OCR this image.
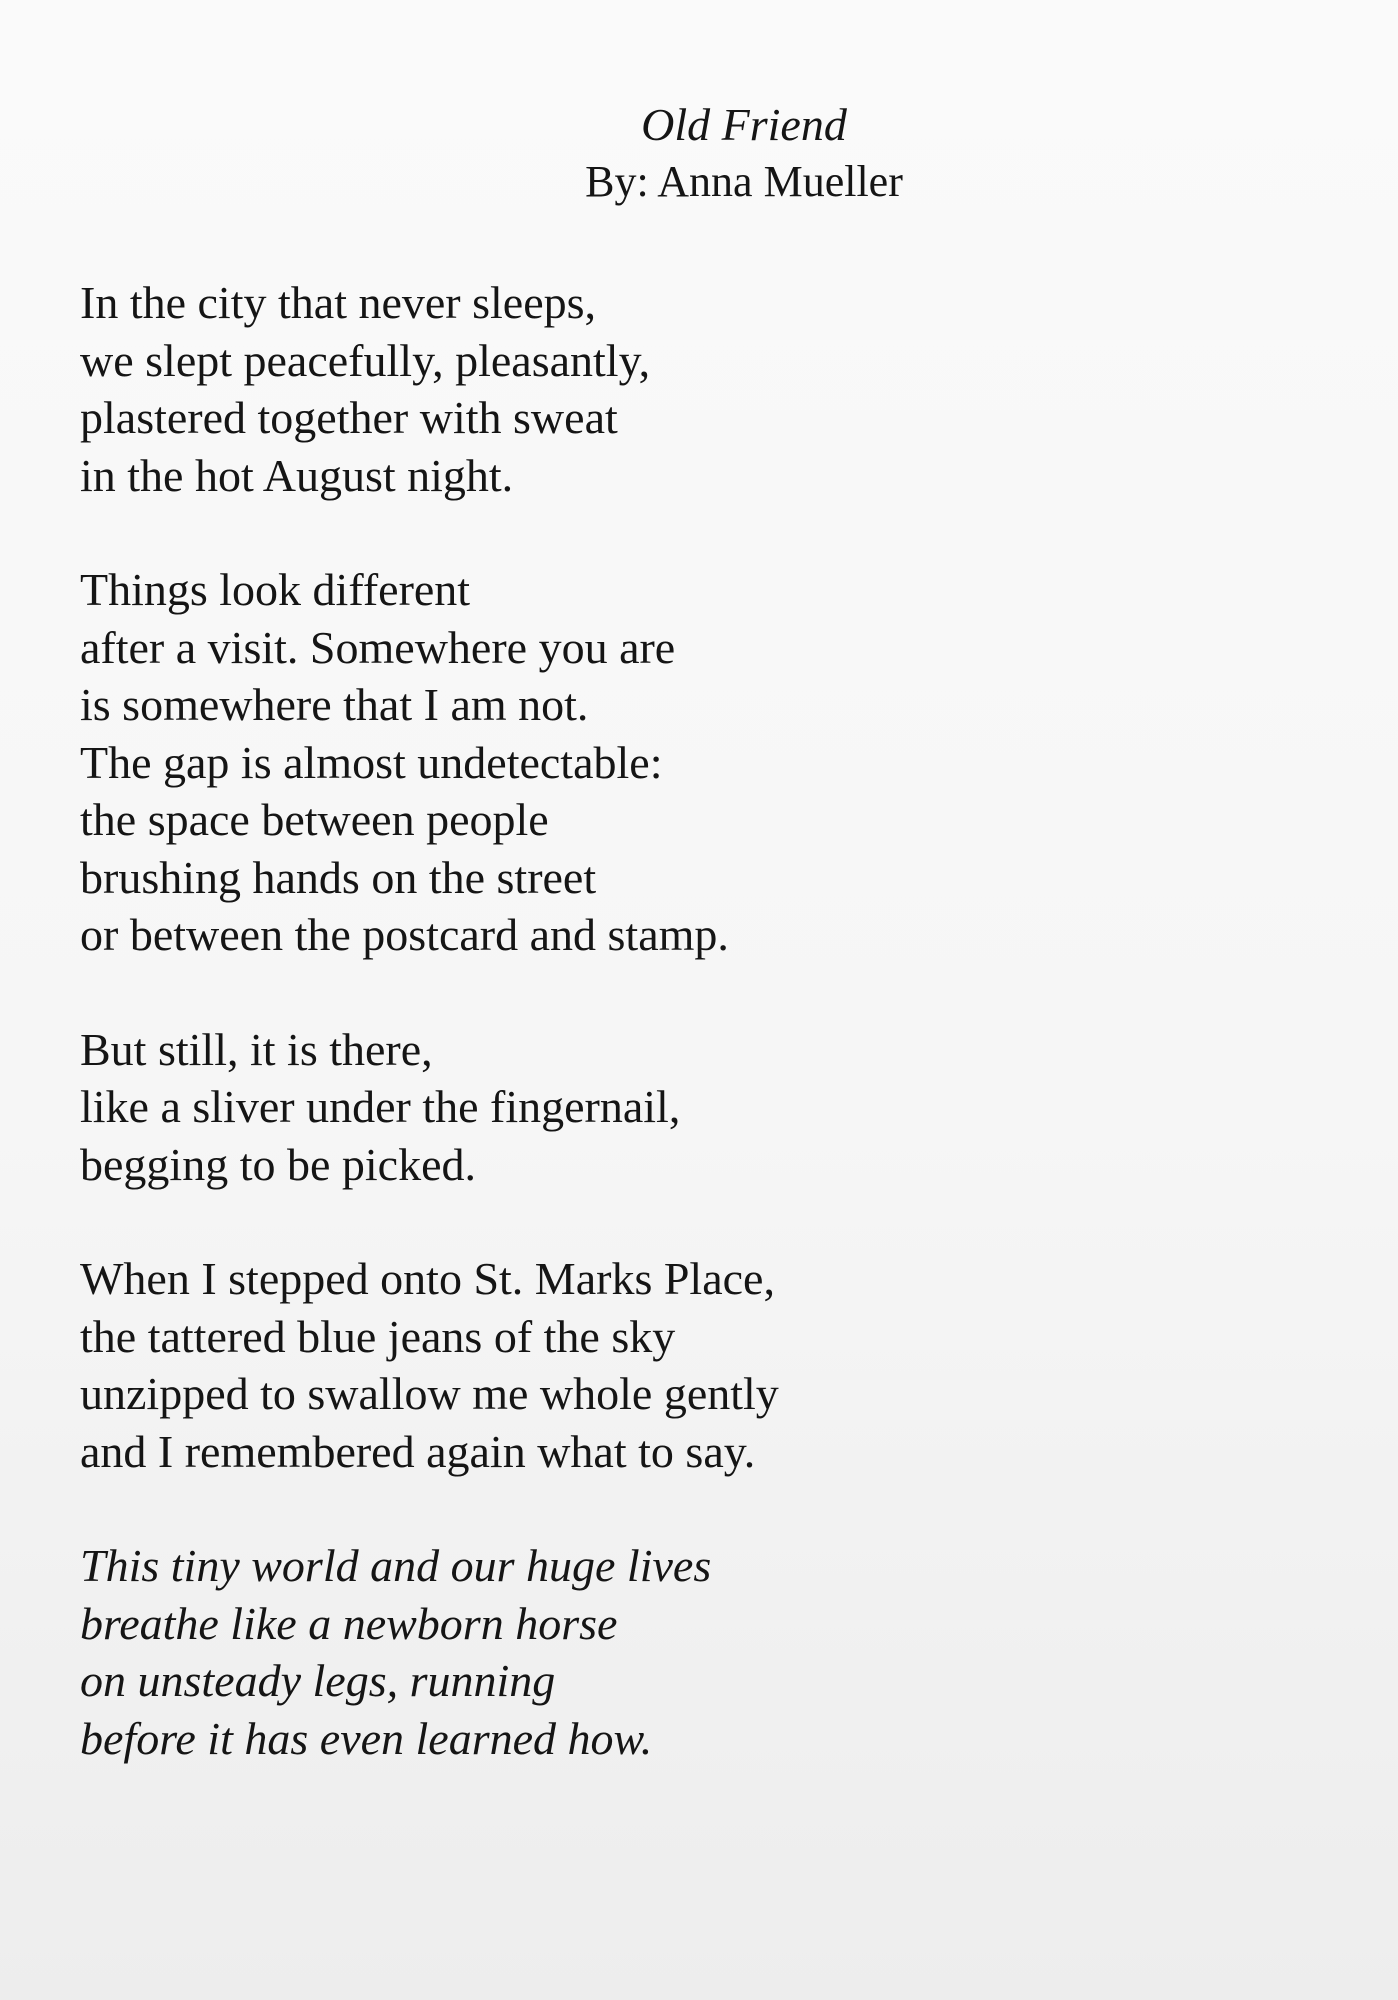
Old Friend

By: Anna Mueller

In the city that never sleeps,
we slept peacefully, pleasantly,
plastered together with sweat
in the hot August night.
Things look different
after a visit. Somewhere you are
is somewhere that I am not.
The gap is almost undetectable:
the space between people
brushing hands on the street
or between the postcard and stamp.
But still, it is there,
like a sliver under the fingernail,
begging to be picked.
When I stepped onto St. Marks Place,
the tattered blue jeans of the sky
unzipped to swallow me whole gently
and I remembered again what to say.
This tiny world and our huge lives
breathe like a newborn horse
on unsteady legs, running
before it has even learned how.
